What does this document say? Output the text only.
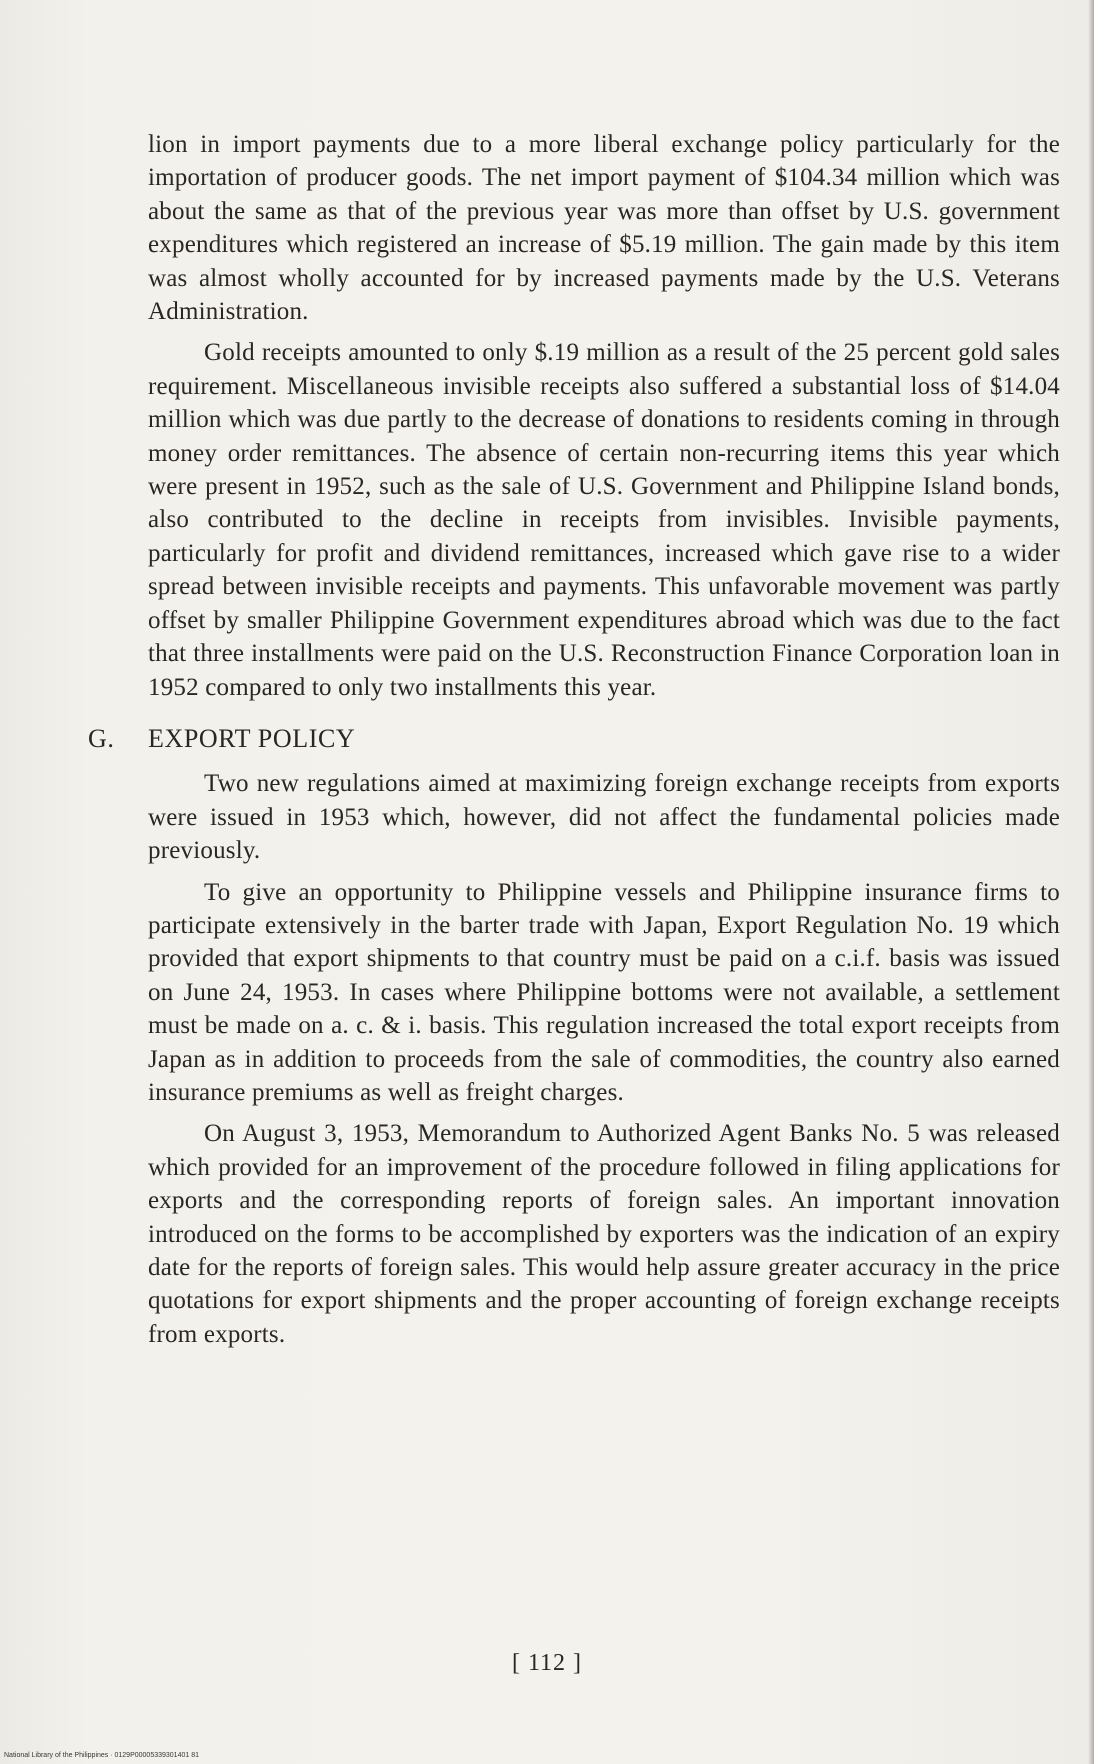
lion in import payments due to a more liberal exchange policy particularly for the importation of producer goods. The net import payment of $104.34 million which was about the same as that of the previous year was more than offset by U.S. government expenditures which registered an increase of $5.19 million. The gain made by this item was almost wholly accounted for by increased payments made by the U.S. Veterans Administration.

Gold receipts amounted to only $.19 million as a result of the 25 percent gold sales requirement. Miscellaneous invisible receipts also suffered a substantial loss of $14.04 million which was due partly to the decrease of donations to residents coming in through money order remittances. The absence of certain non-recurring items this year which were present in 1952, such as the sale of U.S. Government and Philippine Island bonds, also contributed to the decline in receipts from invisibles. Invisible payments, particularly for profit and dividend remittances, increased which gave rise to a wider spread between invisible receipts and payments. This unfavorable movement was partly offset by smaller Philippine Government expenditures abroad which was due to the fact that three installments were paid on the U.S. Reconstruction Finance Corporation loan in 1952 compared to only two installments this year.

G. EXPORT POLICY

Two new regulations aimed at maximizing foreign exchange receipts from exports were issued in 1953 which, however, did not affect the fundamental policies made previously.

To give an opportunity to Philippine vessels and Philippine insurance firms to participate extensively in the barter trade with Japan, Export Regulation No. 19 which provided that export shipments to that country must be paid on a c.i.f. basis was issued on June 24, 1953. In cases where Philippine bottoms were not available, a settlement must be made on a. c. & i. basis. This regulation increased the total export receipts from Japan as in addition to proceeds from the sale of commodities, the country also earned insurance premiums as well as freight charges.

On August 3, 1953, Memorandum to Authorized Agent Banks No. 5 was released which provided for an improvement of the procedure followed in filing applications for exports and the corresponding reports of foreign sales. An important innovation introduced on the forms to be accomplished by exporters was the indication of an expiry date for the reports of foreign sales. This would help assure greater accuracy in the price quotations for export shipments and the proper accounting of foreign exchange receipts from exports.

[ 112 ]
National Library of the Philippines · 0129P00005339301401 81
